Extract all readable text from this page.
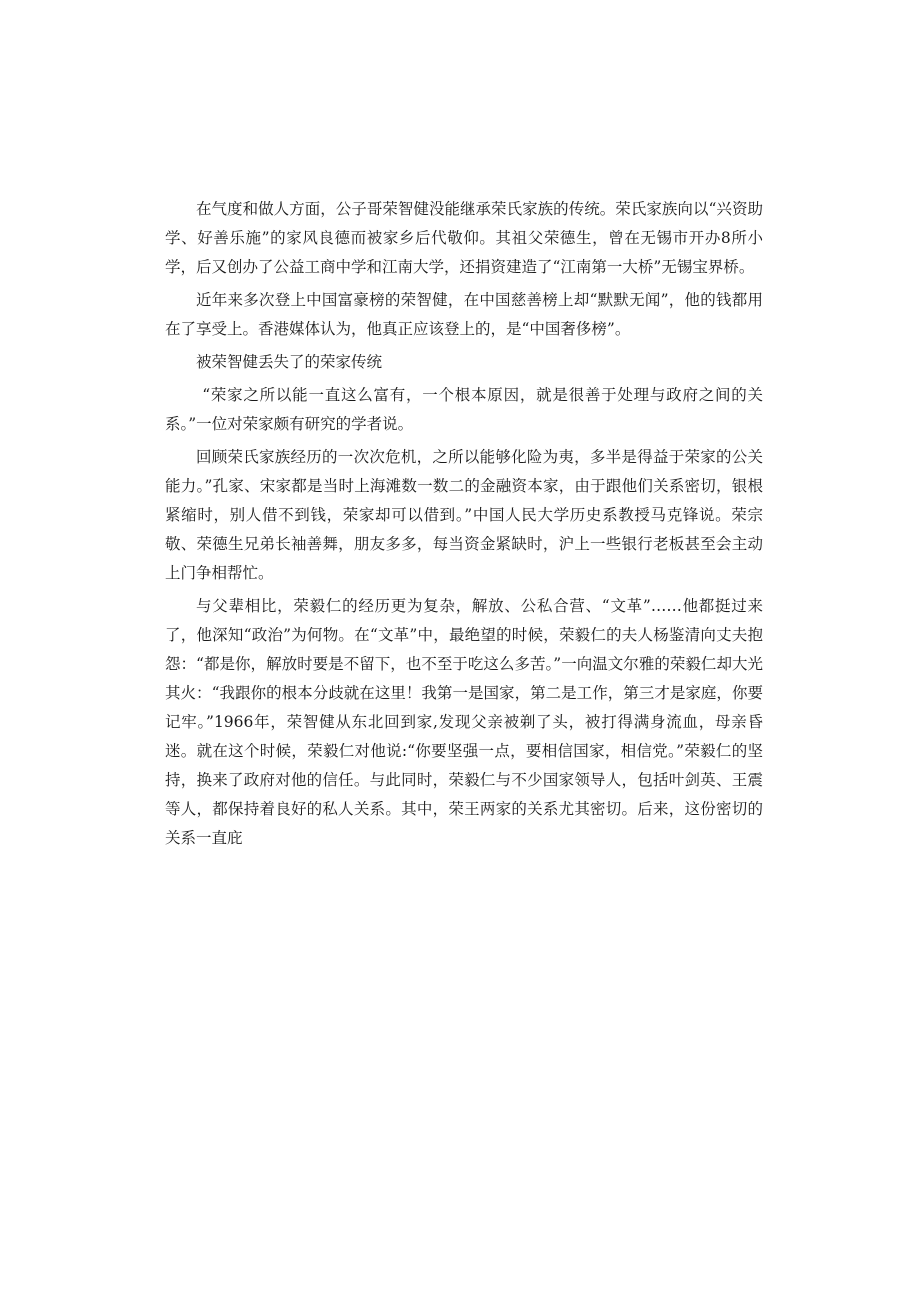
在气度和做人方面，公子哥荣智健没能继承荣氏家族的传统。荣氏家族向以“兴资助学、好善乐施”的家风良德而被家乡后代敬仰。其祖父荣德生，曾在无锡市开办8所小学，后又创办了公益工商中学和江南大学，还捐资建造了“江南第一大桥”无锡宝界桥。

近年来多次登上中国富豪榜的荣智健，在中国慈善榜上却“默默无闻”，他的钱都用在了享受上。香港媒体认为，他真正应该登上的，是“中国奢侈榜”。

被荣智健丢失了的荣家传统

“荣家之所以能一直这么富有，一个根本原因，就是很善于处理与政府之间的关系。”一位对荣家颇有研究的学者说。

回顾荣氏家族经历的一次次危机，之所以能够化险为夷，多半是得益于荣家的公关能力。”孔家、宋家都是当时上海滩数一数二的金融资本家，由于跟他们关系密切，银根紧缩时，别人借不到钱，荣家却可以借到。”中国人民大学历史系教授马克锋说。荣宗敬、荣德生兄弟长袖善舞，朋友多多，每当资金紧缺时，沪上一些银行老板甚至会主动上门争相帮忙。

与父辈相比，荣毅仁的经历更为复杂，解放、公私合营、“文革”……他都挺过来了，他深知“政治”为何物。在“文革”中，最绝望的时候，荣毅仁的夫人杨鉴清向丈夫抱怨：“都是你，解放时要是不留下，也不至于吃这么多苦。”一向温文尔雅的荣毅仁却大光其火：“我跟你的根本分歧就在这里！我第一是国家，第二是工作，第三才是家庭，你要记牢。”1966年，荣智健从东北回到家,发现父亲被剃了头，被打得满身流血，母亲昏迷。就在这个时候，荣毅仁对他说:“你要坚强一点，要相信国家，相信党。”荣毅仁的坚持，换来了政府对他的信任。与此同时，荣毅仁与不少国家领导人，包括叶剑英、王震等人，都保持着良好的私人关系。其中，荣王两家的关系尤其密切。后来，这份密切的关系一直庇
